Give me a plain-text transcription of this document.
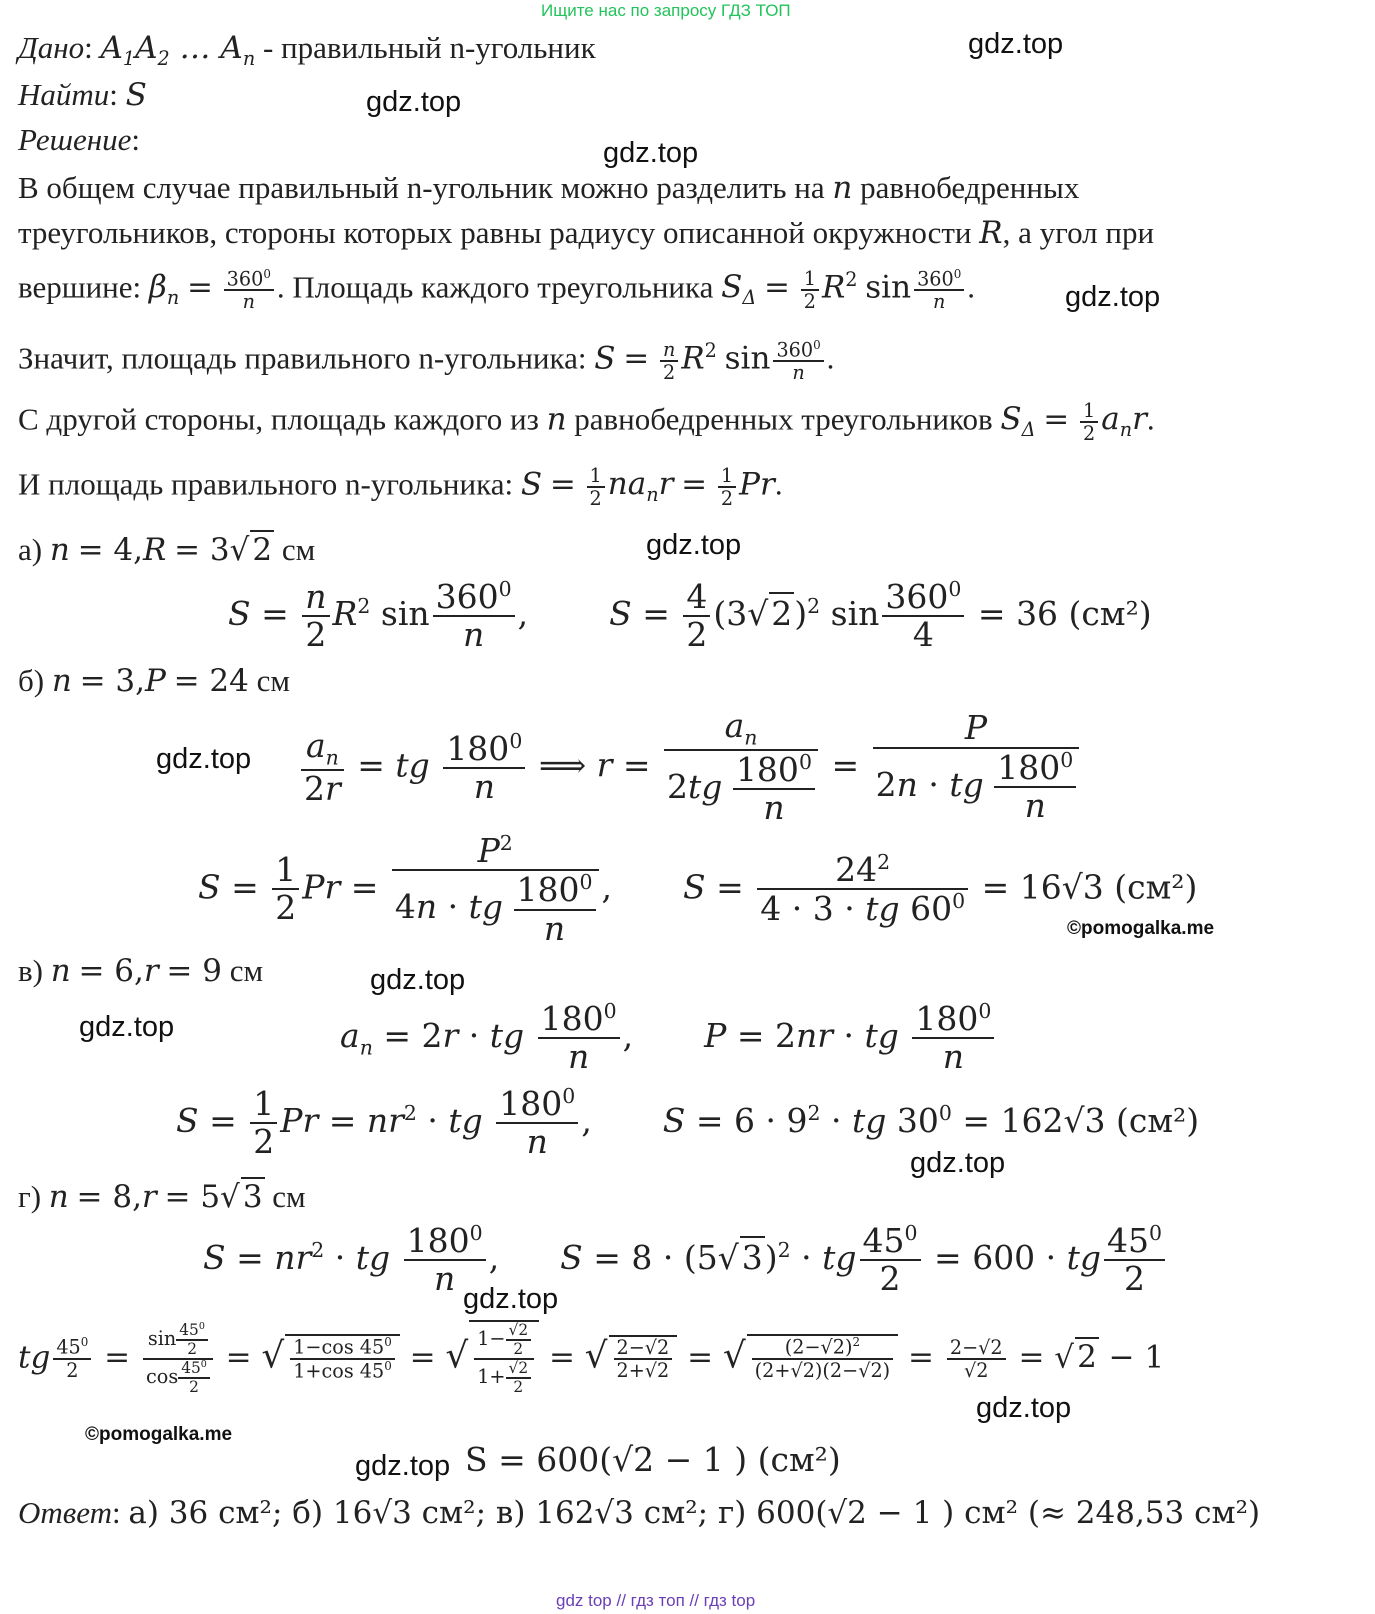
Ищите нас по запросу ГДЗ ТОП
Дано: $A_1A_2$ … $A_n$ - правильный n-угольник
Найти: S
Решение:
В общем случае правильный n-угольник можно разделить на n равнобедренных
треугольников, стороны которых равны радиусу описанной окружности R, а угол при
вершине: $\beta_n = \frac{360^0}{n}$ . Площадь каждого треугольника $S_\Delta = \frac{1}{2} R^2$ $\sin \frac{360^0}{n}$ .
Значит, площадь правильного n-угольника: $S = \frac{n}{2} R^2$ $\sin \frac{360^0}{n}$ .
С другой стороны, площадь каждого из n равнобедренных треугольников $S_\Delta = \frac{1}{2} a_nr$.
И площадь правильного n-угольника: $S = \frac{1}{2} na_nr = \frac{1}{2} Pr$.
а) n = 4,R = 3√2 см
$S = \frac{n}{2} R^2$ $\sin \frac{360^0}{n}$ ,  $S = \frac{4}{2} (3√2)^2$ $\sin \frac{360^0}{4} = 36$ (см²)
б) n = 3,P = 24 см
$\frac{a_n}{2r}$ = tg $\frac{180^0}{n}$ ⟹ $r = \frac{a_n}{2tg \frac{180^0}{n}} = \frac{P}{2n \cdot tg \frac{180^0}{n}}$
$S = \frac{1}{2}$ $Pr = \frac{P^2}{4n \cdot tg \frac{180^0}{n}}$ ,  $S = \frac{24^2}{4 \cdot 3 \cdot tg 60^0} = 16√3$ (см²)
в) n = 6,r = 9 см
$a_n = 2r$ · tg $\frac{180^0}{n}$ ,  P = 2nr · tg $\frac{180^0}{n}$
$S = \frac{1}{2}$ $Pr = nr^2$ · tg $\frac{180^0}{n}$ ,  $S = 6 \cdot 9^2$ · tg $30^0 = 162√3$ (см²)
г) n = 8,r = 5√3 см
$S = nr^2$ · tg $\frac{180^0}{n}$ ,  $S = 8 \cdot (5√3)^2$ · tg $\frac{45^0}{2} = 600$ · tg $\frac{45^0}{2}$
tg $\frac{45^0}{2} = \frac{\sin \frac{45^0}{2}}{\cos \frac{45^0}{2}}$ = √ $\frac{1-\cos 45^0}{1+\cos 45^0}$ = √ $\frac{1- \frac{√2}{2}}{1+ \frac{√2}{2}}$ = √ $\frac{2-√2}{2+√2}$ = √ $\frac{(2-√2)^2}{(2+√2)(2-√2)} = \frac{2-√2}{√2} = √2 - 1$
S = 600(√2 − 1 ) (см²)
Ответ: а) 36 см²; б) 16√3 см²; в) 162√3 см²; г) 600(√2 − 1 ) см² (≈ 248,53 см²)
gdz.top
gdz.top
gdz.top
gdz.top
gdz.top
gdz.top
©pomogalka.me
gdz.top
gdz.top
gdz.top
gdz.top
gdz.top
©pomogalka.me
gdz.top
gdz top // гдз топ // гдз top
